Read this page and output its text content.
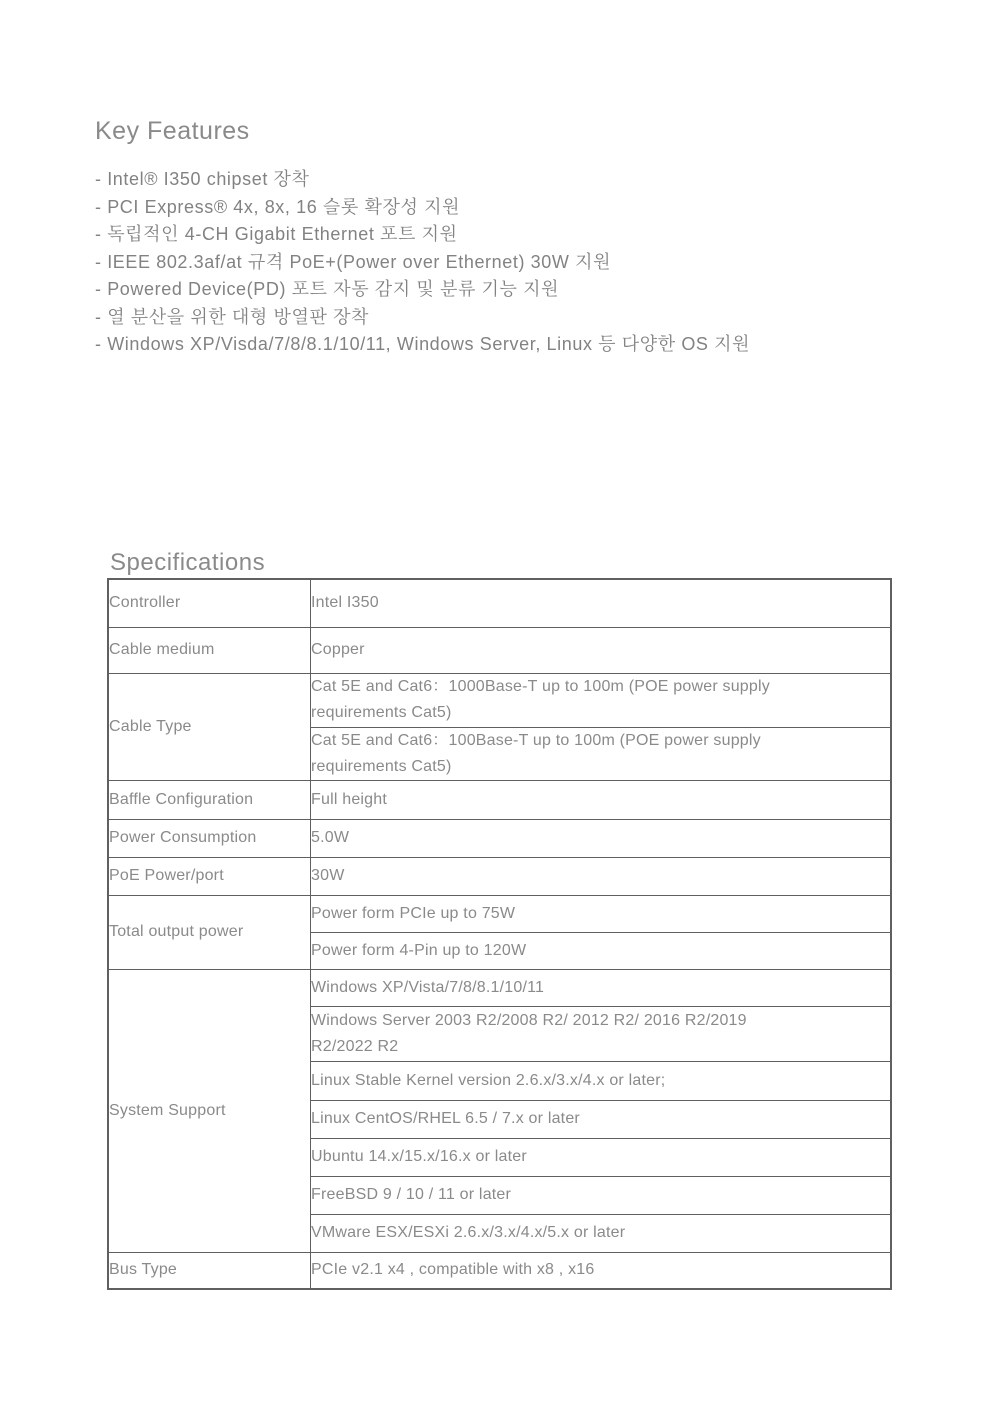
Key Features
- Intel® I350 chipset 장착
- PCI Express® 4x, 8x, 16 슬롯 확장성 지원
- 독립적인 4-CH Gigabit Ethernet 포트 지원
- IEEE 802.3af/at 규격 PoE+(Power over Ethernet) 30W 지원
- Powered Device(PD) 포트 자동 감지 및 분류 기능 지원
- 열 분산을 위한 대형 방열판 장착
- Windows XP/Visda/7/8/8.1/10/11, Windows Server, Linux 등 다양한 OS 지원
Specifications
Controller	Intel I350

Cable medium	Copper

Cable Type	Cat 5E and Cat6：1000Base-T up to 100m (POE power supply requirements Cat5)

	Cat 5E and Cat6：100Base-T up to 100m (POE power supply requirements Cat5)

Baffle Configuration	Full height

Power Consumption	5.0W

PoE Power/port	30W

Total output power	Power form PCIe up to 75W

	Power form 4-Pin up to 120W

System Support	Windows XP/Vista/7/8/8.1/10/11

	Windows Server 2003 R2/2008 R2/ 2012 R2/ 2016 R2/2019 R2/2022 R2

	Linux Stable Kernel version 2.6.x/3.x/4.x or later;

	Linux CentOS/RHEL 6.5 / 7.x or later

	Ubuntu 14.x/15.x/16.x or later

	FreeBSD 9 / 10 / 11 or later

	VMware ESX/ESXi 2.6.x/3.x/4.x/5.x or later

Bus Type	PCIe v2.1 x4 , compatible with x8 , x16
